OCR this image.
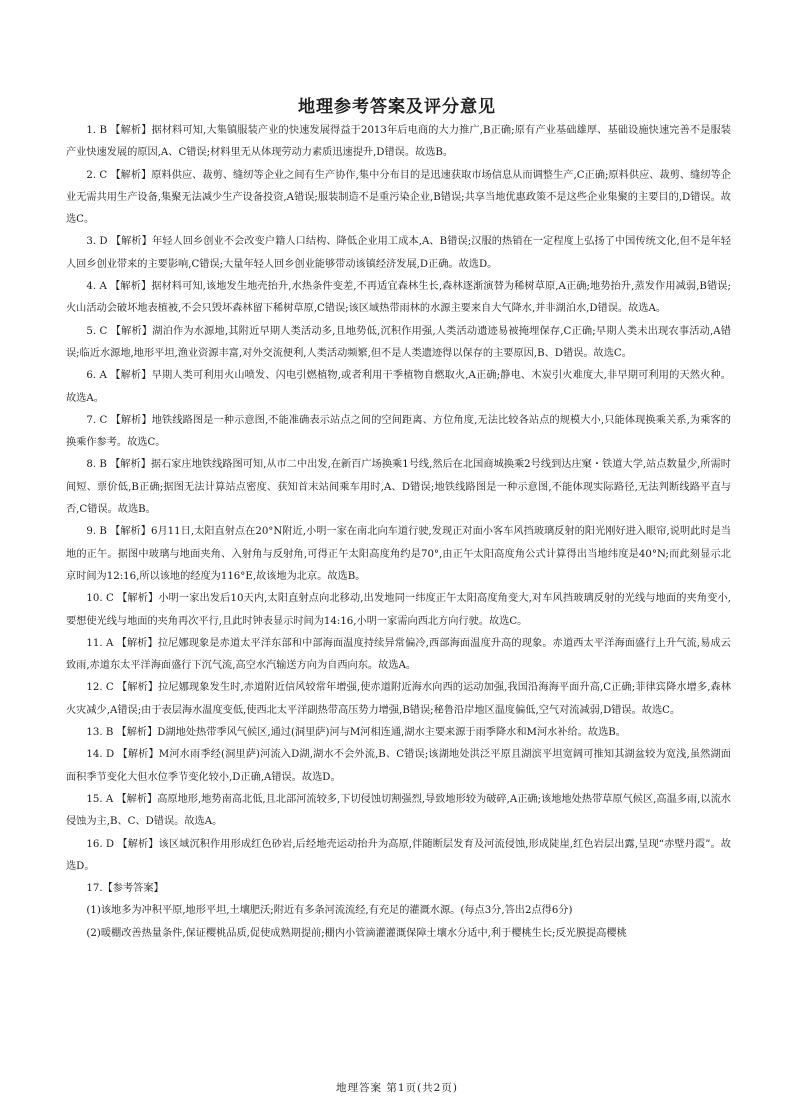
地理参考答案及评分意见

1. B 【解析】据材料可知,大集镇服装产业的快速发展得益于2013年后电商的大力推广,B正确;原有产业基础雄厚、基础设施快速完善不是服装产业快速发展的原因,A、C错误;材料里无从体现劳动力素质迅速提升,D错误。故选B。

2. C 【解析】原料供应、裁剪、缝纫等企业之间有生产协作,集中分布目的是迅速获取市场信息从而调整生产,C正确;原料供应、裁剪、缝纫等企业无需共用生产设备,集聚无法减少生产设备投资,A错误;服装制造不是重污染企业,B错误;共享当地优惠政策不是这些企业集聚的主要目的,D错误。故选C。

3. D 【解析】年轻人回乡创业不会改变户籍人口结构、降低企业用工成本,A、B错误;汉服的热销在一定程度上弘扬了中国传统文化,但不是年轻人回乡创业带来的主要影响,C错误;大量年轻人回乡创业能够带动该镇经济发展,D正确。故选D。

4. A 【解析】据材料可知,该地发生地壳抬升,水热条件变差,不再适宜森林生长,森林逐渐演替为稀树草原,A正确;地势抬升,蒸发作用减弱,B错误;火山活动会破坏地表植被,不会只毁坏森林留下稀树草原,C错误;该区域热带雨林的水源主要来自大气降水,并非湖泊水,D错误。故选A。

5. C 【解析】湖泊作为水源地,其附近早期人类活动多,且地势低,沉积作用强,人类活动遗迹易被掩埋保存,C正确;早期人类未出现农事活动,A错误;临近水源地,地形平坦,渔业资源丰富,对外交流便利,人类活动频繁,但不是人类遗迹得以保存的主要原因,B、D错误。故选C。

6. A 【解析】早期人类可利用火山喷发、闪电引燃植物,或者利用干季植物自燃取火,A正确;静电、木炭引火难度大,非早期可利用的天然火种。故选A。

7. C 【解析】地铁线路图是一种示意图,不能准确表示站点之间的空间距离、方位角度,无法比较各站点的规模大小,只能体现换乘关系,为乘客的换乘作参考。故选C。

8. B 【解析】据石家庄地铁线路图可知,从市二中出发,在新百广场换乘1号线,然后在北国商城换乘2号线到达庄窠・铁道大学,站点数量少,所需时间短、票价低,B正确;据图无法计算站点密度、获知首末站间乘车用时,A、D错误;地铁线路图是一种示意图,不能体现实际路径,无法判断线路平直与否,C错误。故选B。

9. B 【解析】6月11日,太阳直射点在20°N附近,小明一家在南北向车道行驶,发现正对面小客车风挡玻璃反射的阳光刚好进入眼帘,说明此时是当地的正午。据图中玻璃与地面夹角、入射角与反射角,可得正午太阳高度角约是70°,由正午太阳高度角公式计算得出当地纬度是40°N;而此刻显示北京时间为12:16,所以该地的经度为116°E,故该地为北京。故选B。

10. C 【解析】小明一家出发后10天内,太阳直射点向北移动,出发地同一纬度正午太阳高度角变大,对车风挡玻璃反射的光线与地面的夹角变小,要想使光线与地面的夹角再次平行,且此时钟表显示时间为14:16,小明一家需向西北方向行驶。故选C。

11. A 【解析】拉尼娜现象是赤道太平洋东部和中部海面温度持续异常偏冷,西部海面温度升高的现象。赤道西太平洋海面盛行上升气流,易成云致雨,赤道东太平洋海面盛行下沉气流,高空水汽输送方向为自西向东。故选A。

12. C 【解析】拉尼娜现象发生时,赤道附近信风较常年增强,使赤道附近海水向西的运动加强,我国沿海海平面升高,C正确;菲律宾降水增多,森林火灾减少,A错误;由于表层海水温度变低,使西北太平洋副热带高压势力增强,B错误;秘鲁沿岸地区温度偏低,空气对流减弱,D错误。故选C。

13. B 【解析】D湖地处热带季风气候区,通过(洞里萨)河与M河相连通,湖水主要来源于雨季降水和M河水补给。故选B。

14. D 【解析】M河水雨季经(洞里萨)河流入D湖,湖水不会外流,B、C错误;该湖地处洪泛平原且湖滨平坦宽阔可推知其湖盆较为宽浅,虽然湖面面积季节变化大但水位季节变化较小,D正确,A错误。故选D。

15. A 【解析】高原地形,地势南高北低,且北部河流较多,下切侵蚀切割强烈,导致地形较为破碎,A正确;该地地处热带草原气候区,高温多雨,以流水侵蚀为主,B、C、D错误。故选A。

16. D 【解析】该区域沉积作用形成红色砂岩,后经地壳运动抬升为高原,伴随断层发育及河流侵蚀,形成陡崖,红色岩层出露,呈现“赤壁丹霞”。故选D。

17.【参考答案】

(1)该地多为冲积平原,地形平坦,土壤肥沃;附近有多条河流流经,有充足的灌溉水源。(每点3分,答出2点得6分)

(2)暖棚改善热量条件,保证樱桃品质,促使成熟期提前;棚内小管滴灌灌溉保障土壤水分适中,利于樱桃生长;反光膜提高樱桃

地理答案 第1页(共2页)
